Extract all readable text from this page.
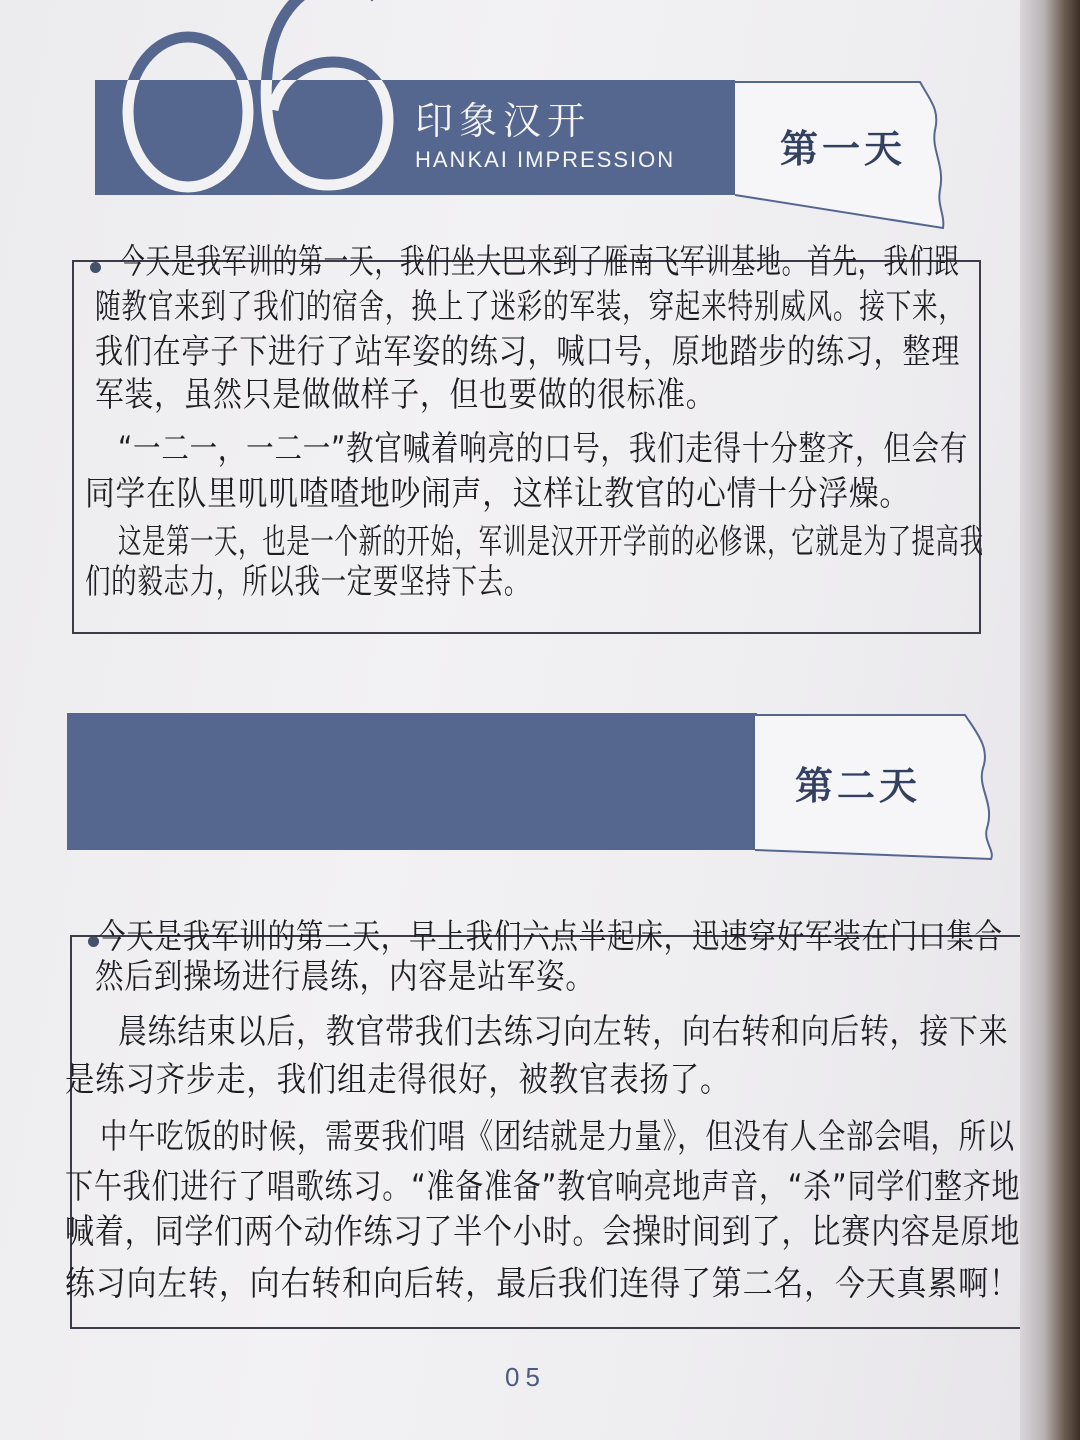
印象汉开
HANKAI IMPRESSION	第一天
今天是我军训的第一天，我们坐大巴来到了雁南飞军训基地。首先，我们跟
随教官来到了我们的宿舍，换上了迷彩的军装，穿起来特别威风。接下来，
我们在亭子下进行了站军姿的练习，喊口号，原地踏步的练习，整理
军装，虽然只是做做样子，但也要做的很标准。
“一二一，一二一”教官喊着响亮的口号，我们走得十分整齐，但会有
同学在队里叽叽喳喳地吵闹声，这样让教官的心情十分浮燥。
这是第一天，也是一个新的开始，军训是汉开开学前的必修课，它就是为了提高我
们的毅志力，所以我一定要坚持下去。
第二天
今天是我军训的第二天，早上我们六点半起床，迅速穿好军装在门口集合
然后到操场进行晨练，内容是站军姿。
晨练结束以后，教官带我们去练习向左转，向右转和向后转，接下来
是练习齐步走，我们组走得很好，被教官表扬了。
中午吃饭的时候，需要我们唱《团结就是力量》，但没有人全部会唱，所以
下午我们进行了唱歌练习。“准备准备”教官响亮地声音，“杀”同学们整齐地
喊着，同学们两个动作练习了半个小时。会操时间到了，比赛内容是原地
练习向左转，向右转和向后转，最后我们连得了第二名，今天真累啊！
05
